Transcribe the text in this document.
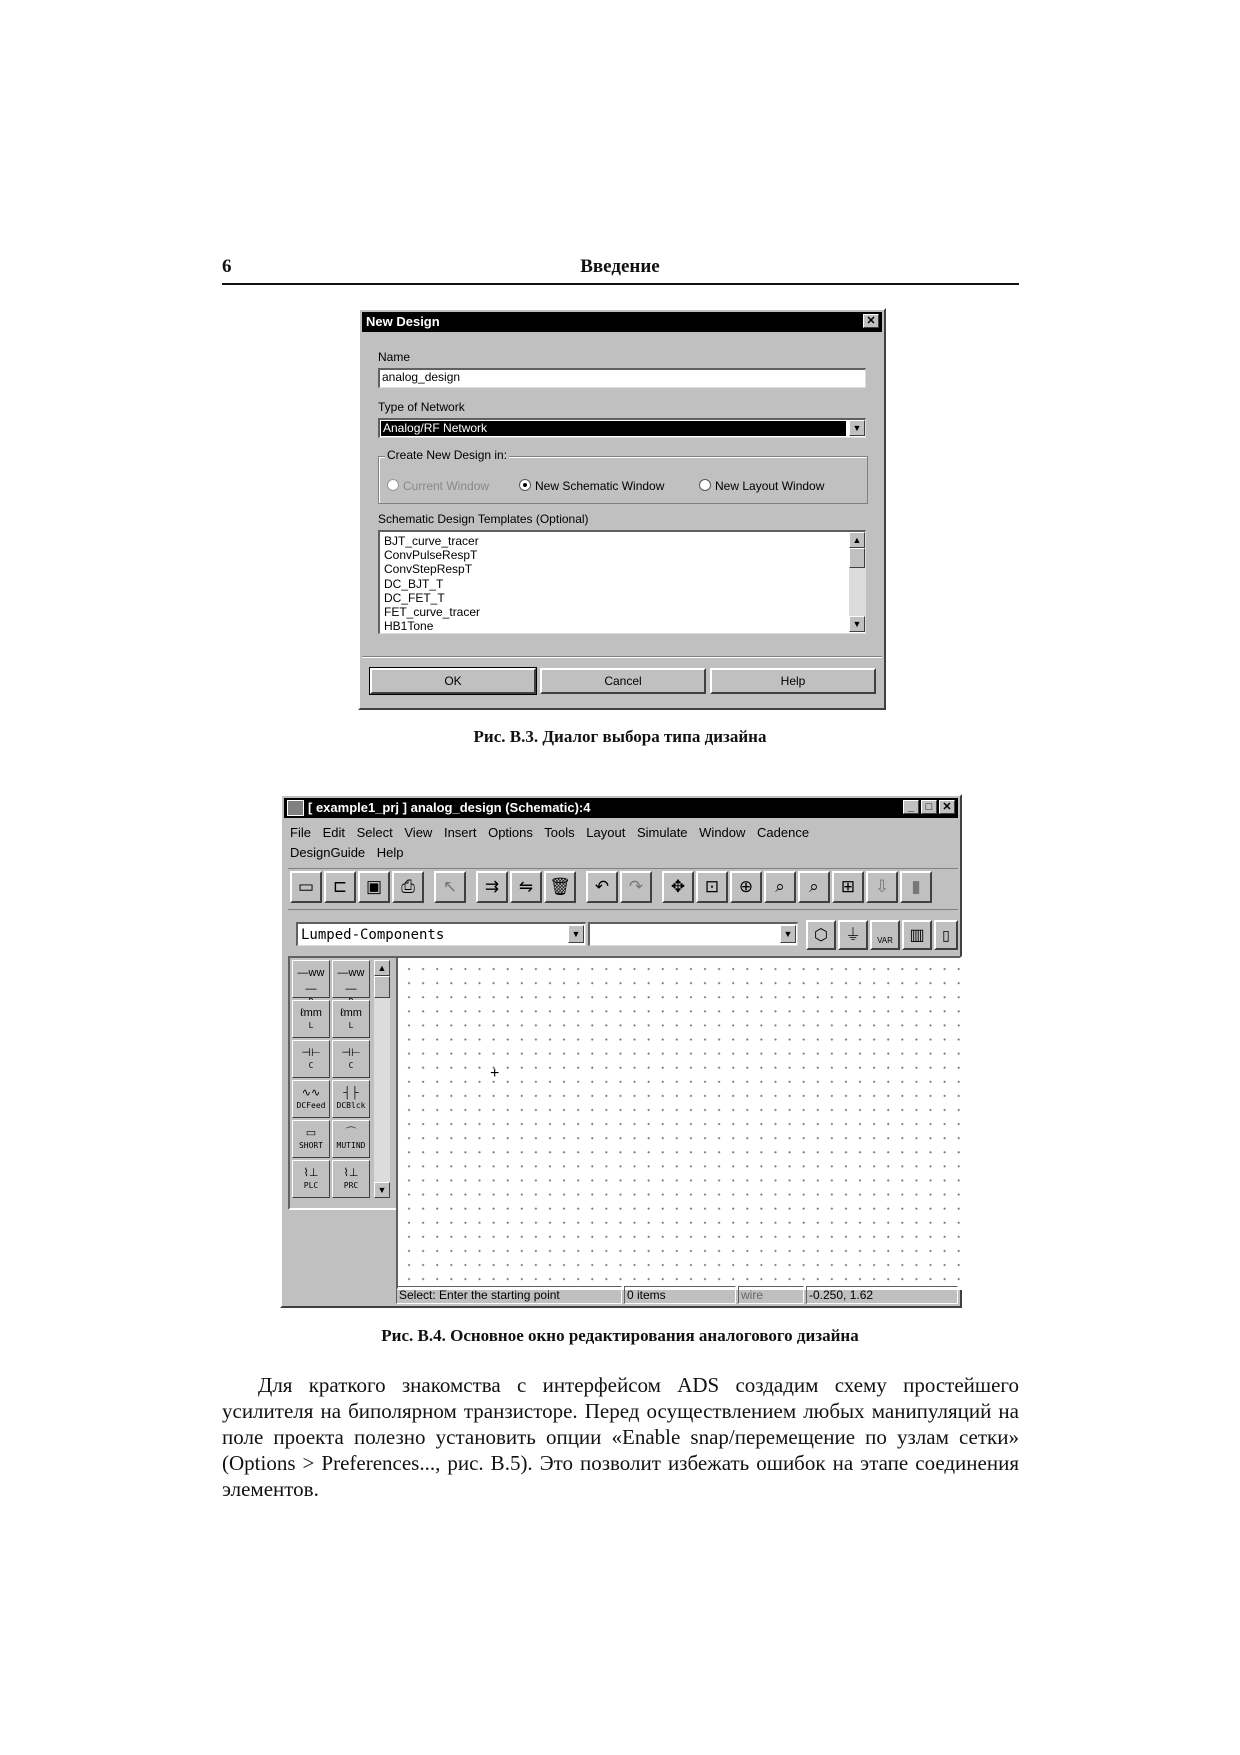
6	Введение
New Design	✕
Name
analog_design
Type of Network
Analog/RF Network	▼
Create New Design in:
Current Window	New Schematic Window	New Layout Window
Schematic Design Templates (Optional)
BJT_curve_tracer
ConvPulseRespT
ConvStepRespT
DC_BJT_T
DC_FET_T
FET_curve_tracer
HB1Tone
▲
▼
OK	Cancel	Help
Рис. В.3. Диалог выбора типа дизайна
[ example1_prj ] analog_design (Schematic):4	_	□ ✕
File Edit Select View Insert Options Tools Layout Simulate Window Cadence
DesignGuide Help
▭	⊏	▣	⎙	↖	⇉	⇋ 🗑	↶	↷	✥	⊡	⊕	⌕	⌕	⊞	⇩	▮
Lumped-Components	▼	▼	⬡	⏚	VAR	▥	▯
—ww—
—ww—
ℓmm
L
ℓmm
L
⊣⊢
C
⊣⊢
C
∿∿
DCFeed
┤├
DCBlck
▭
SHORT
⌒
MUTIND
⌇⊥
PLC
⌇⊥
PRC
▲
▼
+
Select: Enter the starting point	0 items	wire	-0.250, 1.62
Рис. В.4. Основное окно редактирования аналогового дизайна
Для краткого знакомства с интерфейсом ADS создадим схему простейшего усилителя на биполярном транзисторе. Перед осуществлением любых манипуляций на поле проекта полезно установить опции «Enable snap/перемещение по узлам сетки» (Options > Preferences..., рис. В.5). Это позволит избежать ошибок на этапе соединения элементов.
